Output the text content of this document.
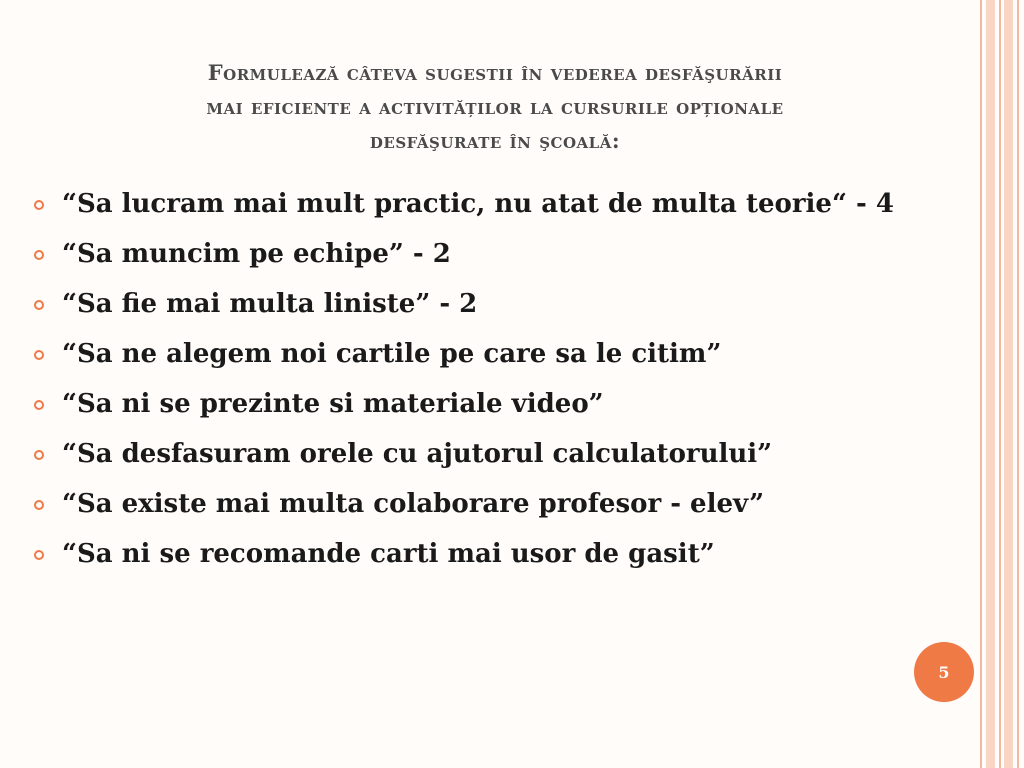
Formulează câteva sugestii în vederea desfăşurării
mai eficiente a activităților la cursurile opționale
desfăşurate în şcoală:
“Sa lucram mai mult practic, nu atat de multa teorie“ - 4
“Sa muncim pe echipe” - 2
“Sa fie mai multa liniste” - 2
“Sa ne alegem noi cartile pe care sa le citim”
“Sa ni se prezinte si materiale video”
“Sa desfasuram orele cu ajutorul calculatorului”
“Sa existe mai multa colaborare profesor - elev”
“Sa ni se recomande carti mai usor de gasit”
5
